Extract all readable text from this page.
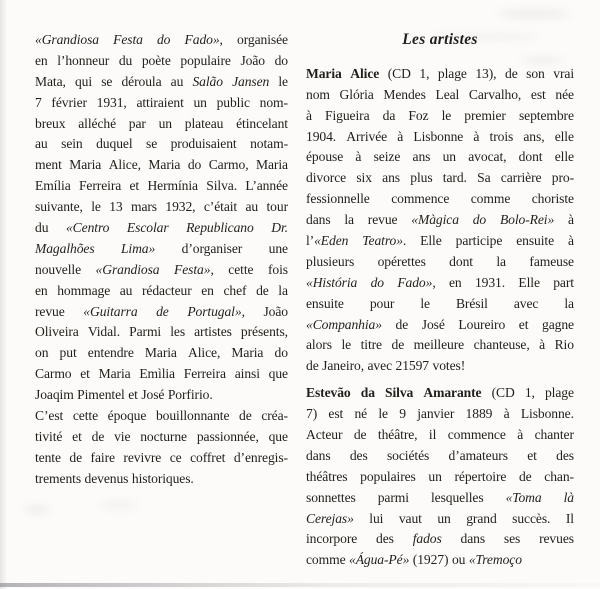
«Grandiosa Festa do Fado», organisée
en l’honneur du poète populaire João do
Mata, qui se déroula au Salão Jansen le
7 février 1931, attiraient un public nom-
breux alléché par un plateau étincelant
au sein duquel se produisaient notam-
ment Maria Alice, Maria do Carmo, Maria
Emília Ferreira et Hermínia Silva. L’année
suivante, le 13 mars 1932, c’était au tour
du «Centro Escolar Republicano Dr.
Magalhões Lima» d’organiser une
nouvelle «Grandiosa Festa», cette fois
en hommage au rédacteur en chef de la
revue «Guitarra de Portugal», João
Oliveira Vidal. Parmi les artistes présents,
on put entendre Maria Alice, Maria do
Carmo et Maria Emìlia Ferreira ainsi que
Joaqim Pimentel et José Porfirio.
C’est cette époque bouillonnante de créa-
tivité et de vie nocturne passionnée, que
tente de faire revivre ce coffret d’enregis-
trements devenus historiques.
Les artistes
Maria Alice (CD 1, plage 13), de son vrai
nom Glória Mendes Leal Carvalho, est née
à Figueira da Foz le premier septembre
1904. Arrivée à Lisbonne à trois ans, elle
épouse à seize ans un avocat, dont elle
divorce six ans plus tard. Sa carrière pro-
fessionnelle commence comme choriste
dans la revue «Màgica do Bolo-Rei» à
l’«Eden Teatro». Elle participe ensuite à
plusieurs opérettes dont la fameuse
«História do Fado», en 1931. Elle part
ensuite pour le Brésil avec la
«Companhia» de José Loureiro et gagne
alors le titre de meilleure chanteuse, à Rio
de Janeiro, avec 21597 votes!
Estevão da Silva Amarante (CD 1, plage
7) est né le 9 janvier 1889 à Lisbonne.
Acteur de théâtre, il commence à chanter
dans des sociétés d’amateurs et des
théâtres populaires un répertoire de chan-
sonnettes parmi lesquelles «Toma là
Cerejas» lui vaut un grand succès. Il
incorpore des fados dans ses revues
comme «Água-Pé» (1927) ou «Tremoço
